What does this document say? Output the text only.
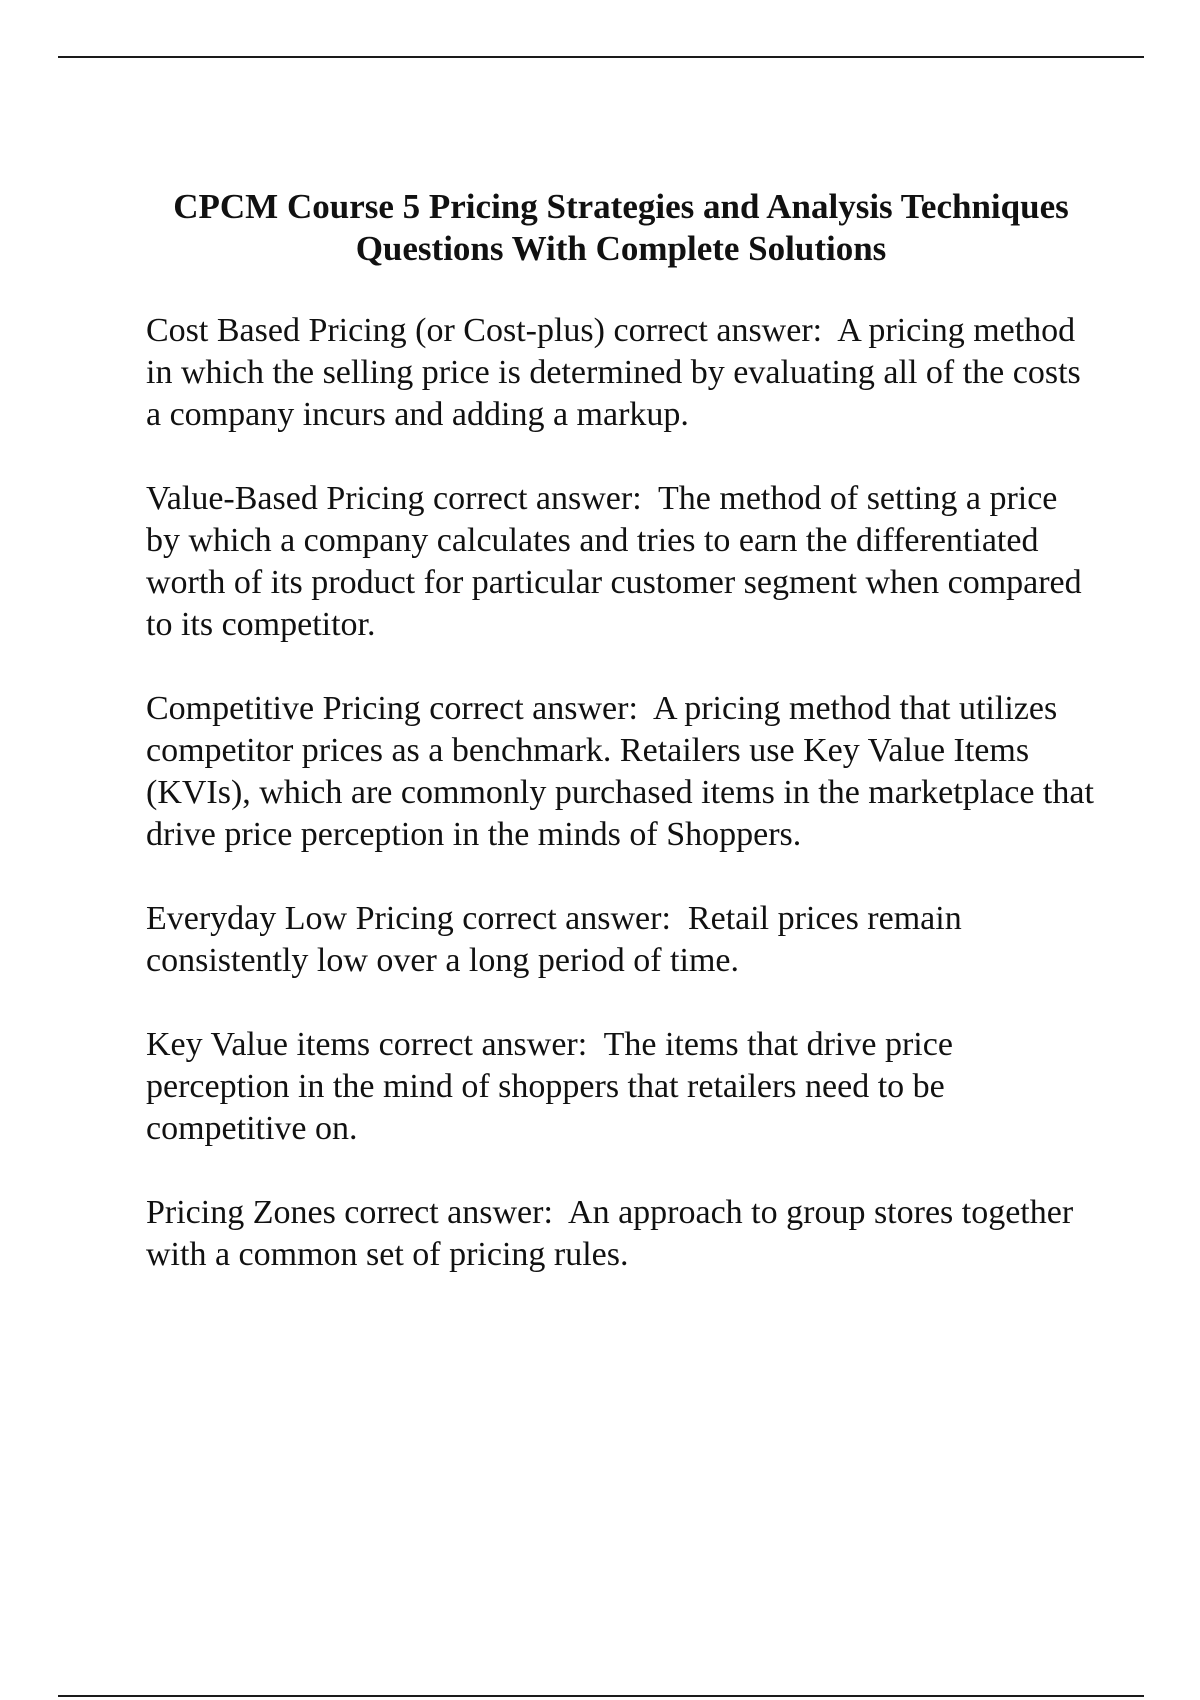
CPCM Course 5 Pricing Strategies and Analysis Techniques
Questions With Complete Solutions

Cost Based Pricing (or Cost-plus) correct answer: A pricing method in which the selling price is determined by evaluating all of the costs a company incurs and adding a markup.

Value-Based Pricing correct answer: The method of setting a price by which a company calculates and tries to earn the differentiated worth of its product for particular customer segment when compared to its competitor.

Competitive Pricing correct answer: A pricing method that utilizes competitor prices as a benchmark. Retailers use Key Value Items (KVIs), which are commonly purchased items in the marketplace that drive price perception in the minds of Shoppers.

Everyday Low Pricing correct answer: Retail prices remain consistently low over a long period of time.

Key Value items correct answer: The items that drive price perception in the mind of shoppers that retailers need to be competitive on.

Pricing Zones correct answer: An approach to group stores together with a common set of pricing rules.
